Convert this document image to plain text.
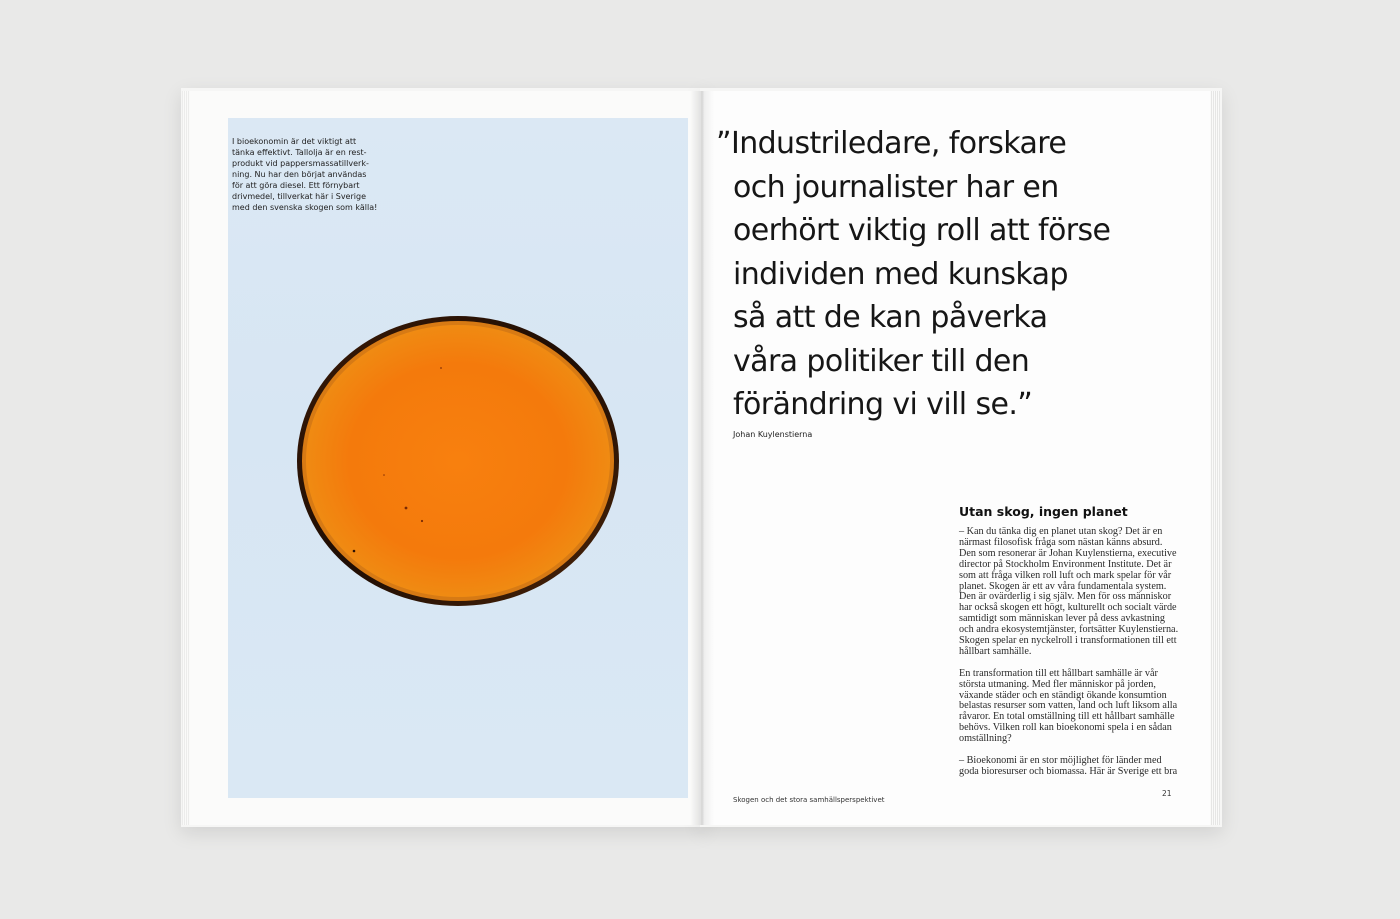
I bioekonomin är det viktigt att
tänka effektivt. Tallolja är en rest-
produkt vid pappersmassatillverk-
ning. Nu har den börjat användas
för att göra diesel. Ett förnybart
drivmedel, tillverkat här i Sverige
med den svenska skogen som källa!

”Industriledare, forskare
och journalister har en
oerhört viktig roll att förse
individen med kunskap
så att de kan påverka
våra politiker till den
förändring vi vill se.”

Johan Kuylenstierna

Utan skog, ingen planet

– Kan du tänka dig en planet utan skog? Det är en
närmast filosofisk fråga som nästan känns absurd.
Den som resonerar är Johan Kuylenstierna, executive
director på Stockholm Environment Institute. Det är
som att fråga vilken roll luft och mark spelar för vår
planet. Skogen är ett av våra fundamentala system.
Den är ovärderlig i sig själv. Men för oss människor
har också skogen ett högt, kulturellt och socialt värde
samtidigt som människan lever på dess avkastning
och andra ekosystemtjänster, fortsätter Kuylenstierna.
Skogen spelar en nyckelroll i transformationen till ett
hållbart samhälle.

En transformation till ett hållbart samhälle är vår
största utmaning. Med fler människor på jorden,
växande städer och en ständigt ökande konsumtion
belastas resurser som vatten, land och luft liksom alla
råvaror. En total omställning till ett hållbart samhälle
behövs. Vilken roll kan bioekonomi spela i en sådan
omställning?

– Bioekonomi är en stor möjlighet för länder med
goda bioresurser och biomassa. Här är Sverige ett bra

Skogen och det stora samhällsperspektivet

21
